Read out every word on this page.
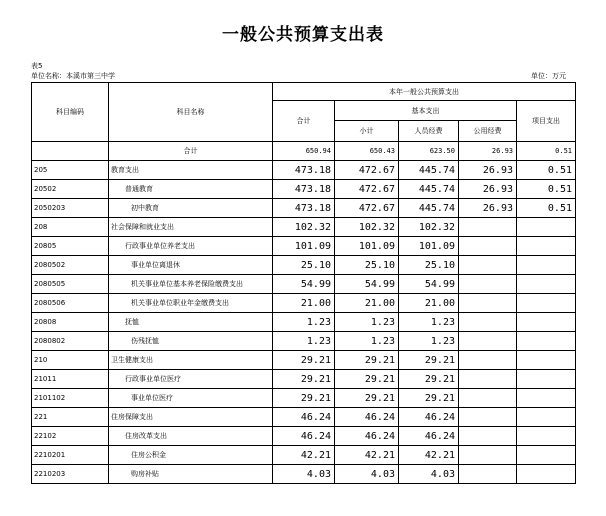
一般公共预算支出表
表5
单位名称：本溪市第三中学	单位：万元
科目编码	科目名称	本年一般公共预算支出				
		合计	基本支出			项目支出
			小计	人员经费	公用经费	
	合计	650.94	650.43	623.50	26.93	0.51
205	教育支出	473.18	472.67	445.74	26.93	0.51
20502	普通教育	473.18	472.67	445.74	26.93	0.51
2050203	初中教育	473.18	472.67	445.74	26.93	0.51
208	社会保障和就业支出	102.32	102.32	102.32		
20805	行政事业单位养老支出	101.09	101.09	101.09		
2080502	事业单位离退休	25.10	25.10	25.10		
2080505	机关事业单位基本养老保险缴费支出	54.99	54.99	54.99		
2080506	机关事业单位职业年金缴费支出	21.00	21.00	21.00		
20808	抚恤	1.23	1.23	1.23		
2080802	伤残抚恤	1.23	1.23	1.23		
210	卫生健康支出	29.21	29.21	29.21		
21011	行政事业单位医疗	29.21	29.21	29.21		
2101102	事业单位医疗	29.21	29.21	29.21		
221	住房保障支出	46.24	46.24	46.24		
22102	住房改革支出	46.24	46.24	46.24		
2210201	住房公积金	42.21	42.21	42.21		
2210203	购房补贴	4.03	4.03	4.03		
